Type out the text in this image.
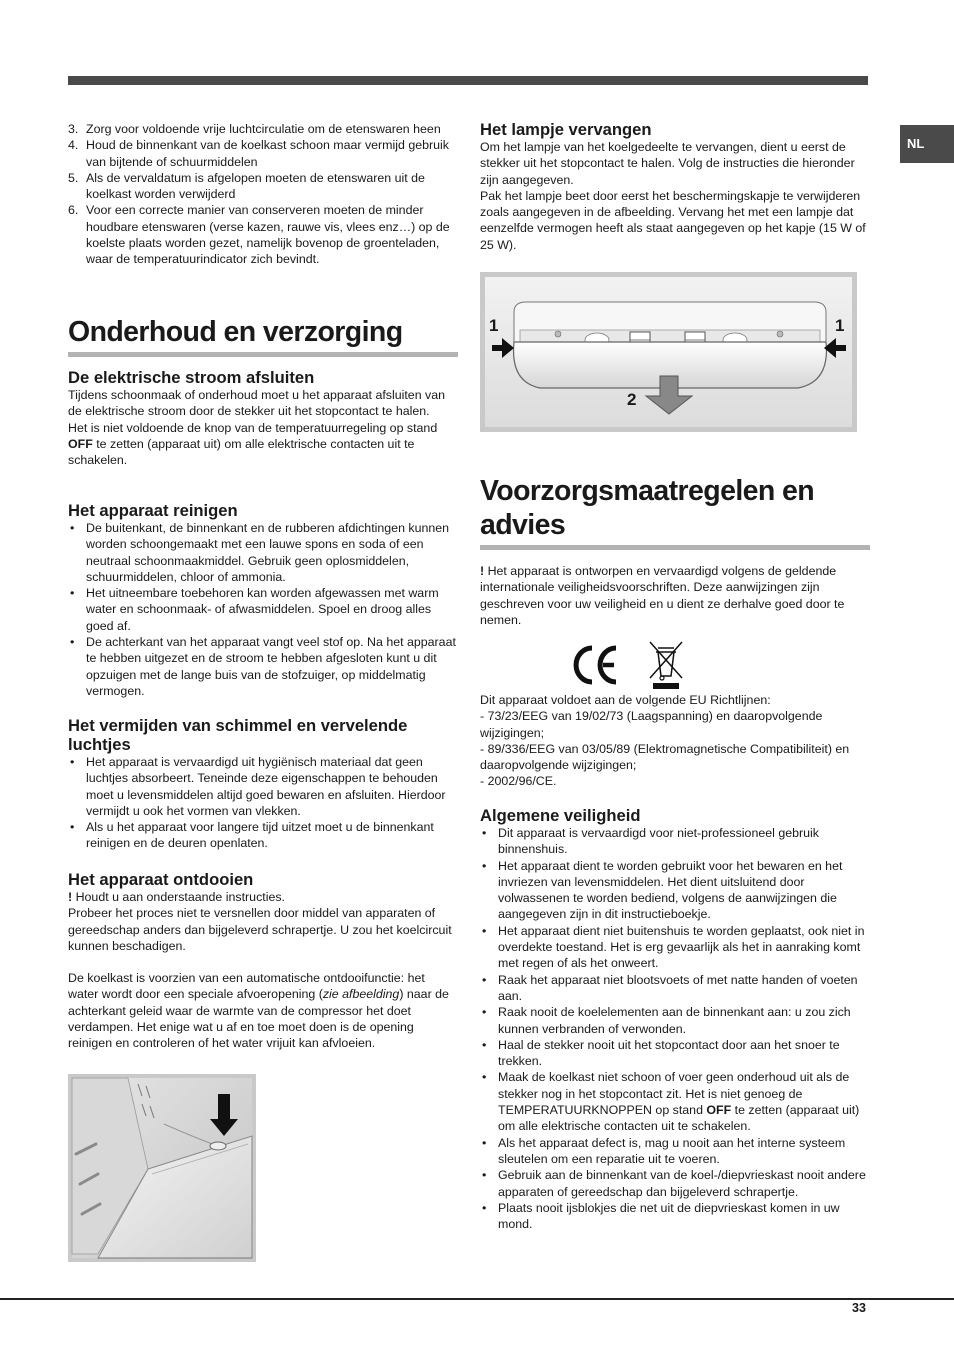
NL
3. Zorg voor voldoende vrije luchtcirculatie om de etenswaren heen
4. Houd de binnenkant van de koelkast schoon maar vermijd gebruik van bijtende of schuurmiddelen
5. Als de vervaldatum is afgelopen moeten de etenswaren uit de koelkast worden verwijderd
6. Voor een correcte manier van conserveren moeten de minder houdbare etenswaren (verse kazen, rauwe vis, vlees enz…) op de koelste plaats worden gezet, namelijk bovenop de groenteladen, waar de temperatuurindicator zich bevindt.
Onderhoud en verzorging
De elektrische stroom afsluiten

Tijdens schoonmaak of onderhoud moet u het apparaat afsluiten van de elektrische stroom door de stekker uit het stopcontact te halen.

Het is niet voldoende de knop van de temperatuurregeling op stand OFF te zetten (apparaat uit) om alle elektrische contacten uit te schakelen.

Het apparaat reinigen
• De buitenkant, de binnenkant en de rubberen afdichtingen kunnen worden schoongemaakt met een lauwe spons en soda of een neutraal schoonmaakmiddel. Gebruik geen oplosmiddelen, schuurmiddelen, chloor of ammonia.
• Het uitneembare toebehoren kan worden afgewassen met warm water en schoonmaak- of afwasmiddelen. Spoel en droog alles goed af.
• De achterkant van het apparaat vangt veel stof op. Na het apparaat te hebben uitgezet en de stroom te hebben afgesloten kunt u dit opzuigen met de lange buis van de stofzuiger, op middelmatig vermogen.
Het vermijden van schimmel en vervelende luchtjes
• Het apparaat is vervaardigd uit hygiënisch materiaal dat geen luchtjes absorbeert. Teneinde deze eigenschappen te behouden moet u levensmiddelen altijd goed bewaren en afsluiten. Hierdoor vermijdt u ook het vormen van vlekken.
• Als u het apparaat voor langere tijd uitzet moet u de binnenkant reinigen en de deuren openlaten.
Het apparaat ontdooien

! Houdt u aan onderstaande instructies.

Probeer het proces niet te versnellen door middel van apparaten of gereedschap anders dan bijgeleverd schrapertje. U zou het koelcircuit kunnen beschadigen.

De koelkast is voorzien van een automatische ontdooifunctie: het water wordt door een speciale afvoeropening (zie afbeelding) naar de achterkant geleid waar de warmte van de compressor het doet verdampen. Het enige wat u af en toe moet doen is de opening reinigen en controleren of het water vrijuit kan afvloeien.

Het lampje vervangen

Om het lampje van het koelgedeelte te vervangen, dient u eerst de stekker uit het stopcontact te halen. Volg de instructies die hieronder zijn aangegeven.

Pak het lampje beet door eerst het beschermingskapje te verwijderen zoals aangegeven in de afbeelding. Vervang het met een lampje dat eenzelfde vermogen heeft als staat aangegeven op het kapje (15 W of 25 W).

1	1
2
Voorzorgsmaatregelen en advies

! Het apparaat is ontworpen en vervaardigd volgens de geldende internationale veiligheidsvoorschriften. Deze aanwijzingen zijn geschreven voor uw veiligheid en u dient ze derhalve goed door te nemen.

Dit apparaat voldoet aan de volgende EU Richtlijnen:

- 73/23/EEG van 19/02/73 (Laagspanning) en daaropvolgende wijzigingen;

- 89/336/EEG van 03/05/89 (Elektromagnetische Compatibiliteit) en daaropvolgende wijzigingen;

- 2002/96/CE.

Algemene veiligheid
• Dit apparaat is vervaardigd voor niet-professioneel gebruik binnenshuis.
• Het apparaat dient te worden gebruikt voor het bewaren en het invriezen van levensmiddelen. Het dient uitsluitend door volwassenen te worden bediend, volgens de aanwijzingen die aangegeven zijn in dit instructieboekje.
• Het apparaat dient niet buitenshuis te worden geplaatst, ook niet in overdekte toestand. Het is erg gevaarlijk als het in aanraking komt met regen of als het onweert.
• Raak het apparaat niet blootsvoets of met natte handen of voeten aan.
• Raak nooit de koelelementen aan de binnenkant aan: u zou zich kunnen verbranden of verwonden.
• Haal de stekker nooit uit het stopcontact door aan het snoer te trekken.
• Maak de koelkast niet schoon of voer geen onderhoud uit als de stekker nog in het stopcontact zit. Het is niet genoeg de TEMPERATUURKNOPPEN op stand OFF te zetten (apparaat uit) om alle elektrische contacten uit te schakelen.
• Als het apparaat defect is, mag u nooit aan het interne systeem sleutelen om een reparatie uit te voeren.
• Gebruik aan de binnenkant van de koel-/diepvrieskast nooit andere apparaten of gereedschap dan bijgeleverd schrapertje.
• Plaats nooit ijsblokjes die net uit de diepvrieskast komen in uw mond.
33
